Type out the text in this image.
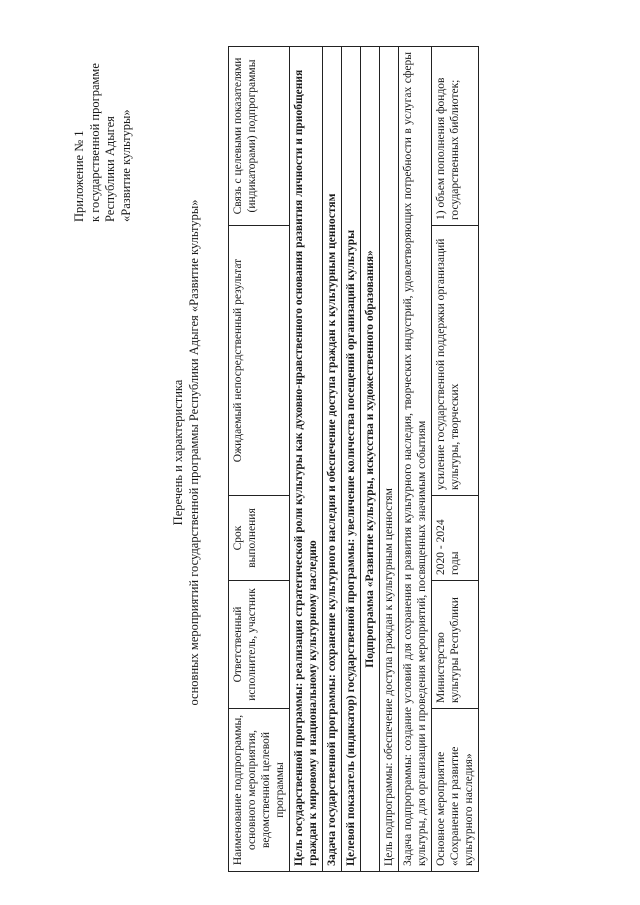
Приложение № 1 к государственной программе Республики Адыгея «Развитие культуры»
Перечень и характеристика основных мероприятий государственной программы Республики Адыгея «Развитие культуры»
Наименование подпрограммы, основного мероприятия, ведомственной целевой программы	Ответственный исполнитель, участник	Срок выполнения	Ожидаемый непосредственный результат	Связь с целевыми показателями (индикаторами) подпрограммы
Цель государственной программы: реализация стратегической роли культуры как духовно-нравственного основания развития личности и приобщения граждан к мировому и национальному культурному наследию				
Задача государственной программы: сохранение культурного наследия и обеспечение доступа граждан к культурным ценностям				
Целевой показатель (индикатор) государственной программы: увеличение количества посещений организаций культуры				
Подпрограмма «Развитие культуры, искусства и художественного образования»				
Цель подпрограммы: обеспечение доступа граждан к культурным ценностям				
Задача подпрограммы: создание условий для сохранения и развития культурного наследия, творческих индустрий, удовлетворяющих потребности в услугах сферы культуры, для организации и проведения мероприятий, посвященных значимым событиям				
Основное мероприятие «Сохранение и развитие культурного наследия»	Министерство культуры Республики	2020 - 2024 годы	усиление государственной поддержки организаций культуры, творческих	1) объем пополнения фондов государственных библиотек;
